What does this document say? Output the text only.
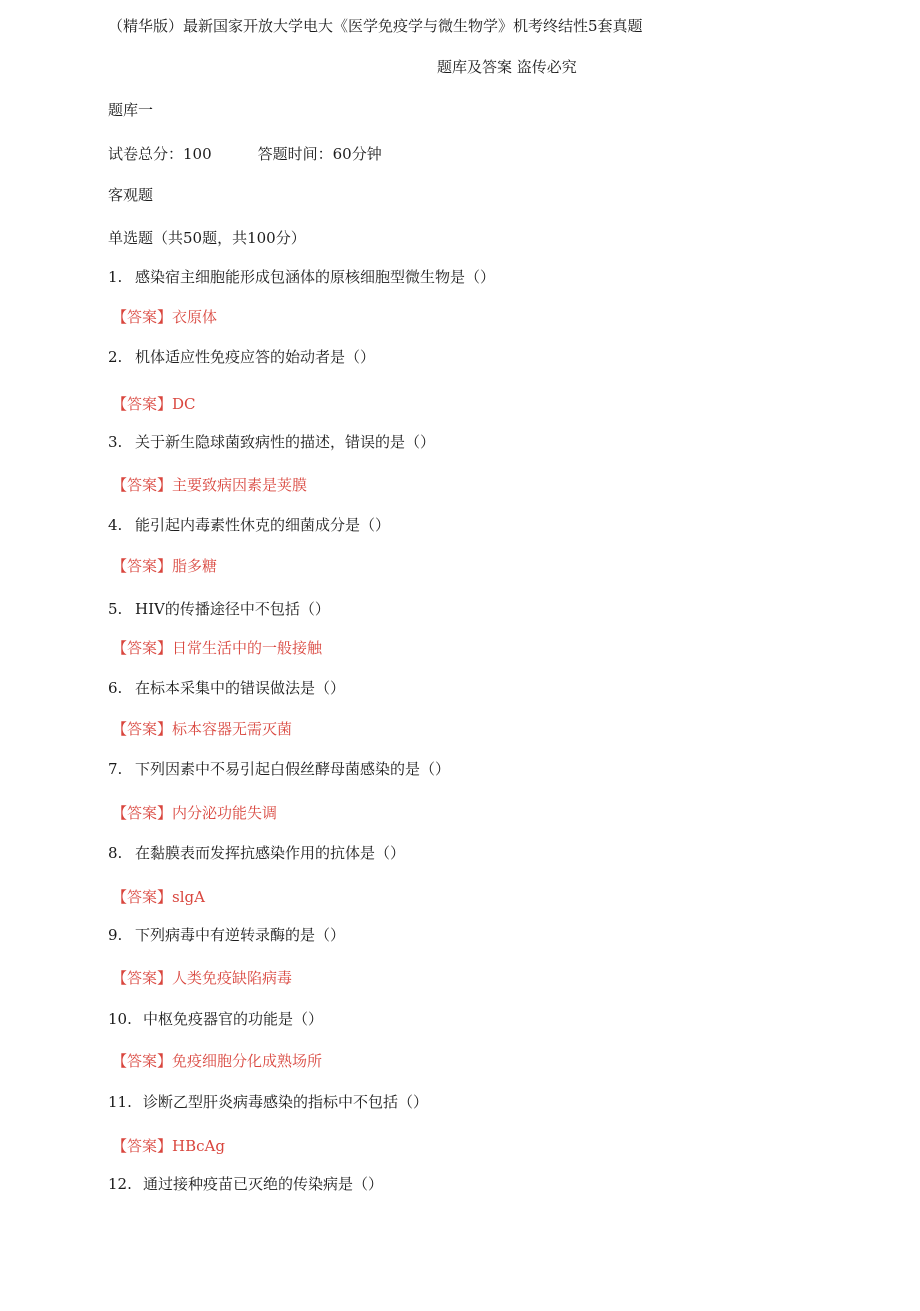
（精华版）最新国家开放大学电大《医学免疫学与微生物学》机考终结性5套真题
题库及答案 盗传必究
题库一
试卷总分：100	答题时间：60分钟
客观题
单选题（共50题，共100分）
1. 感染宿主细胞能形成包涵体的原核细胞型微生物是（）
【答案】衣原体
2. 机体适应性免疫应答的始动者是（）
【答案】DC
3. 关于新生隐球菌致病性的描述，错误的是（）
【答案】主要致病因素是荚膜
4. 能引起内毒素性休克的细菌成分是（）
【答案】脂多糖
5. HIV的传播途径中不包括（）
【答案】日常生活中的一般接触
6. 在标本采集中的错误做法是（）
【答案】标本容器无需灭菌
7. 下列因素中不易引起白假丝酵母菌感染的是（）
【答案】内分泌功能失调
8. 在黏膜表而发挥抗感染作用的抗体是（）
【答案】slgA
9. 下列病毒中有逆转录酶的是（）
【答案】人类免疫缺陷病毒
10. 中枢免疫器官的功能是（）
【答案】免疫细胞分化成熟场所
11. 诊断乙型肝炎病毒感染的指标中不包括（）
【答案】HBcAg
12. 通过接种疫苗已灭绝的传染病是（）
